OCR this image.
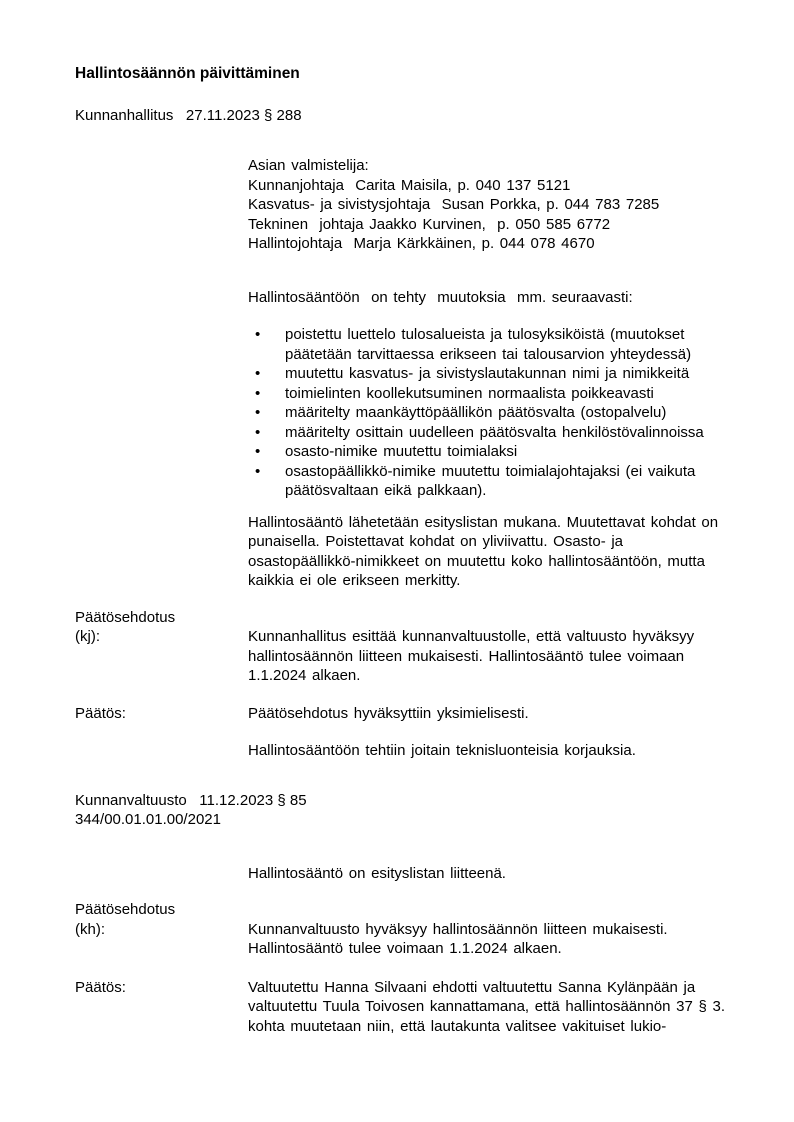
Hallintosäännön päivittäminen
Kunnanhallitus   27.11.2023 § 288
Asian valmistelija:
Kunnanjohtaja  Carita Maisila, p. 040 137 5121
Kasvatus- ja sivistysjohtaja  Susan Porkka, p. 044 783 7285
Tekninen  johtaja Jaakko Kurvinen,  p. 050 585 6772
Hallintojohtaja  Marja Kärkkäinen, p. 044 078 4670
Hallintosääntöön  on tehty  muutoksia  mm. seuraavasti:
• poistettu luettelo tulosalueista ja tulosyksiköistä (muutokset päätetään tarvittaessa erikseen tai talousarvion yhteydessä)
• muutettu kasvatus- ja sivistyslautakunnan nimi ja nimikkeitä
• toimielinten koollekutsuminen normaalista poikkeavasti
• määritelty maankäyttöpäällikön päätösvalta (ostopalvelu)
• määritelty osittain uudelleen päätösvalta henkilöstövalinnoissa
• osasto-nimike muutettu toimialaksi
• osastopäällikkö-nimike muutettu toimialajohtajaksi (ei vaikuta päätösvaltaan eikä palkkaan).
Hallintosääntö lähetetään esityslistan mukana. Muutettavat kohdat on punaisella. Poistettavat kohdat on yliviivattu. Osasto- ja osastopäällikkö-nimikkeet on muutettu koko hallintosääntöön, mutta kaikkia ei ole erikseen merkitty.
Päätösehdotus
(kj):	Kunnanhallitus esittää kunnanvaltuustolle, että valtuusto hyväksyy hallintosäännön liitteen mukaisesti. Hallintosääntö tulee voimaan 1.1.2024 alkaen.
Päätös:	Päätösehdotus hyväksyttiin yksimielisesti.
Hallintosääntöön tehtiin joitain teknisluonteisia korjauksia.
Kunnanvaltuusto   11.12.2023 § 85
344/00.01.01.00/2021
Hallintosääntö on esityslistan liitteenä.
Päätösehdotus
(kh):	Kunnanvaltuusto hyväksyy hallintosäännön liitteen mukaisesti. Hallintosääntö tulee voimaan 1.1.2024 alkaen.
Päätös:	Valtuutettu Hanna Silvaani ehdotti valtuutettu Sanna Kylänpään ja valtuutettu Tuula Toivosen kannattamana, että hallintosäännön 37 § 3. kohta muutetaan niin, että lautakunta valitsee vakituiset lukio-
